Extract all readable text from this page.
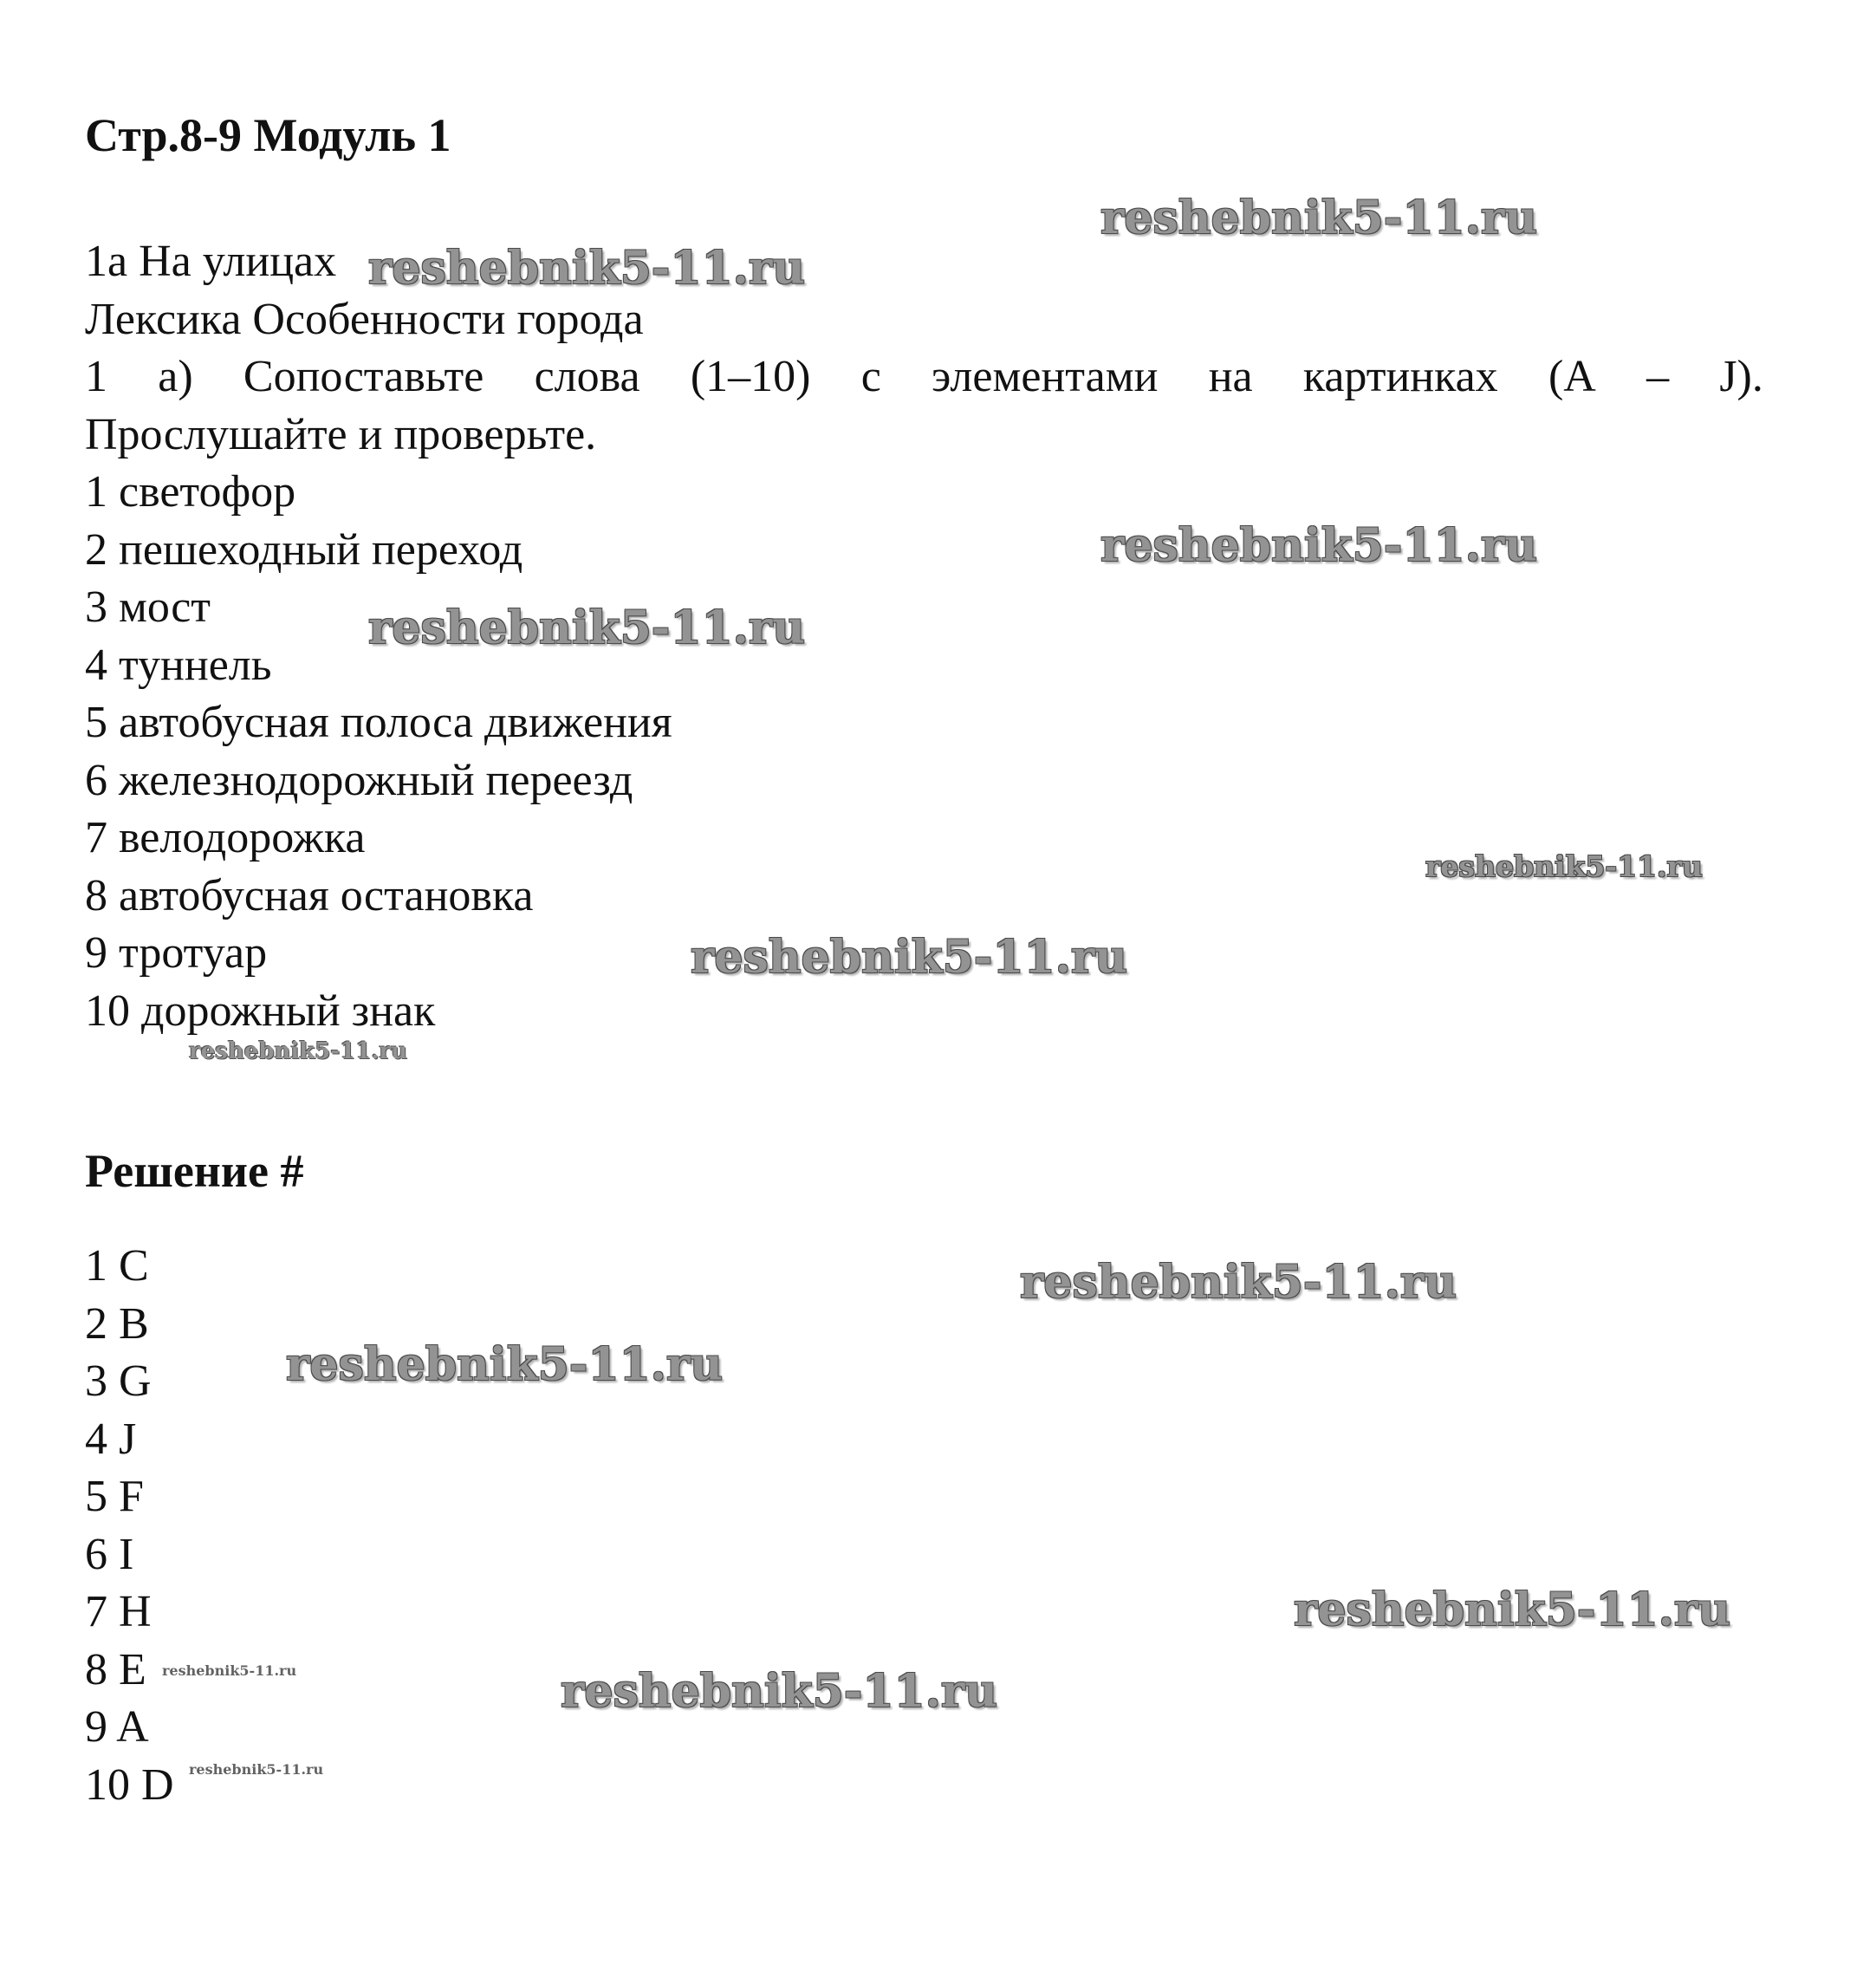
Стр.8-9 Модуль 1
1a На улицах
Лексика Особенности города
1 a) Сопоставьте слова (1–10) с элементами на картинках (A – J).
Прослушайте и проверьте.
1 светофор
2 пешеходный переход
3 мост
4 туннель
5 автобусная полоса движения
6 железнодорожный переезд
7 велодорожка
8 автобусная остановка
9 тротуар
10 дорожный знак
Решение #
1 C
2 B
3 G
4 J
5 F
6 I
7 H
8 E
9 A
10 D
reshebnik5-11.ru
reshebnik5-11.ru
reshebnik5-11.ru
reshebnik5-11.ru
reshebnik5-11.ru
reshebnik5-11.ru
reshebnik5-11.ru
reshebnik5-11.ru
reshebnik5-11.ru
reshebnik5-11.ru
reshebnik5-11.ru	reshebnik5-11.ru
reshebnik5-11.ru
